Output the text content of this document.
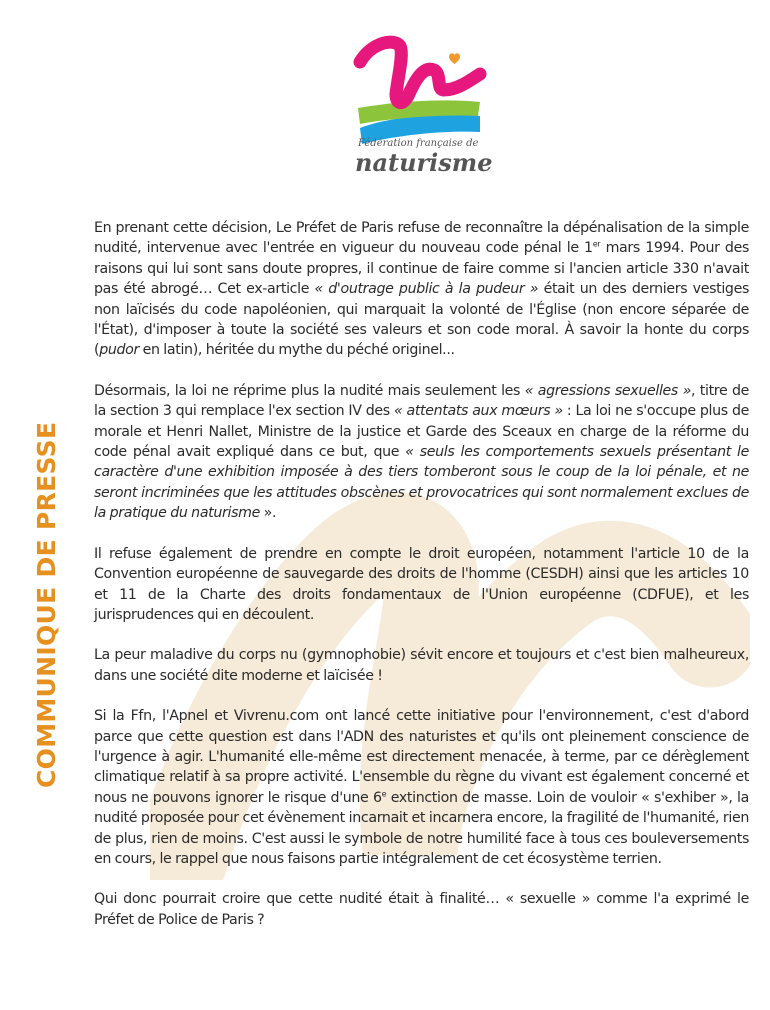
Fédération française de
naturisme
COMMUNIQUE DE PRESSE

En prenant cette décision, Le Préfet de Paris refuse de reconnaître la dépénalisation de la simple nudité, intervenue avec l'entrée en vigueur du nouveau code pénal le 1er mars 1994. Pour des raisons qui lui sont sans doute propres, il continue de faire comme si l'ancien article 330 n'avait pas été abrogé… Cet ex-article « d'outrage public à la pudeur » était un des derniers vestiges non laïcisés du code napoléonien, qui marquait la volonté de l'Église (non encore séparée de l'État), d'imposer à toute la société ses valeurs et son code moral. À savoir la honte du corps (pudor en latin), héritée du mythe du péché originel...

Désormais, la loi ne réprime plus la nudité mais seulement les « agressions sexuelles », titre de la section 3 qui remplace l'ex section IV des « attentats aux mœurs » : La loi ne s'occupe plus de morale et Henri Nallet, Ministre de la justice et Garde des Sceaux en charge de la réforme du code pénal avait expliqué dans ce but, que « seuls les comportements sexuels présentant le caractère d'une exhibition imposée à des tiers tomberont sous le coup de la loi pénale, et ne seront incriminées que les attitudes obscènes et provocatrices qui sont normalement exclues de la pratique du naturisme ».

Il refuse également de prendre en compte le droit européen, notamment l'article 10 de la Convention européenne de sauvegarde des droits de l'homme (CESDH) ainsi que les articles 10 et 11 de la Charte des droits fondamentaux de l'Union européenne (CDFUE), et les jurisprudences qui en découlent.

La peur maladive du corps nu (gymnophobie) sévit encore et toujours et c'est bien malheureux, dans une société dite moderne et laïcisée !

Si la Ffn, l'Apnel et Vivrenu.com ont lancé cette initiative pour l'environnement, c'est d'abord parce que cette question est dans l'ADN des naturistes et qu'ils ont pleinement conscience de l'urgence à agir. L'humanité elle-même est directement menacée, à terme, par ce dérèglement climatique relatif à sa propre activité. L'ensemble du règne du vivant est également concerné et nous ne pouvons ignorer le risque d'une 6e extinction de masse. Loin de vouloir « s'exhiber », la nudité proposée pour cet évènement incarnait et incarnera encore, la fragilité de l'humanité, rien de plus, rien de moins. C'est aussi le symbole de notre humilité face à tous ces bouleversements en cours, le rappel que nous faisons partie intégralement de cet écosystème terrien.

Qui donc pourrait croire que cette nudité était à finalité… « sexuelle » comme l'a exprimé le Préfet de Police de Paris ?
